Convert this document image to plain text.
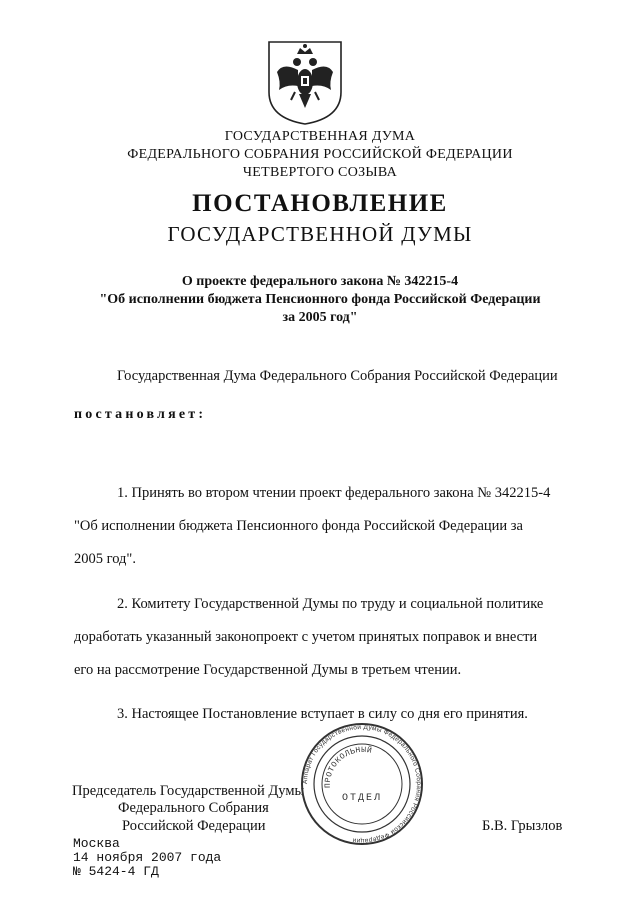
ГОСУДАРСТВЕННАЯ ДУМА
ФЕДЕРАЛЬНОГО СОБРАНИЯ РОССИЙСКОЙ ФЕДЕРАЦИИ
ЧЕТВЕРТОГО СОЗЫВА
ПОСТАНОВЛЕНИЕ
ГОСУДАРСТВЕННОЙ ДУМЫ
О проекте федерального закона № 342215-4
"Об исполнении бюджета Пенсионного фонда Российской Федерации
за 2005 год"
Государственная Дума Федерального Собрания Российской Федерации
постановляет:
1. Принять во втором чтении проект федерального закона № 342215-4
"Об исполнении бюджета Пенсионного фонда Российской Федерации за
2005 год".
2. Комитету Государственной Думы по труду и социальной политике
доработать указанный законопроект с учетом принятых поправок и внести
его на рассмотрение Государственной Думы в третьем чтении.
3. Настоящее Постановление вступает в силу со дня его принятия.
Председатель Государственной Думы
Федерального Собрания
Российской Федерации	Б.В. Грызлов
Аппарат Государственной Думы Федерального Собрания Российской Федерации
ПРОТОКОЛЬНЫЙ
ОТДЕЛ
Москва
14 ноября 2007 года
№ 5424-4 ГД
